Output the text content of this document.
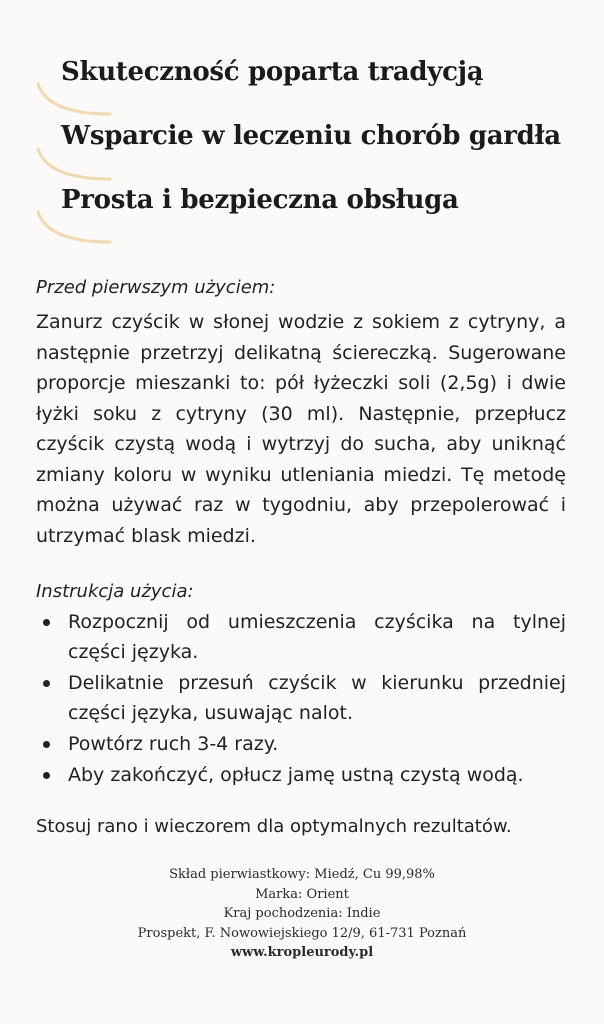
Skuteczność poparta tradycją
Wsparcie w leczeniu chorób gardła
Prosta i bezpieczna obsługa
Przed pierwszym użyciem:
Zanurz czyścik w słonej wodzie z sokiem z cytryny, a następnie przetrzyj delikatną ściereczką. Sugerowane proporcje mieszanki to: pół łyżeczki soli (2,5g) i dwie łyżki soku z cytryny (30 ml). Następnie, przepłucz czyścik czystą wodą i wytrzyj do sucha, aby uniknąć zmiany koloru w wyniku utleniania miedzi. Tę metodę można używać raz w tygodniu, aby przepolerować i utrzymać blask miedzi.
Instrukcja użycia:
Rozpocznij od umieszczenia czyścika na tylnej części języka.
Delikatnie przesuń czyścik w kierunku przedniej części języka, usuwając nalot.
Powtórz ruch 3-4 razy.
Aby zakończyć, opłucz jamę ustną czystą wodą.
Stosuj rano i wieczorem dla optymalnych rezultatów.
Skład pierwiastkowy: Miedź, Cu 99,98%
Marka: Orient
Kraj pochodzenia: Indie
Prospekt, F. Nowowiejskiego 12/9, 61-731 Poznań
www.kropleurody.pl
